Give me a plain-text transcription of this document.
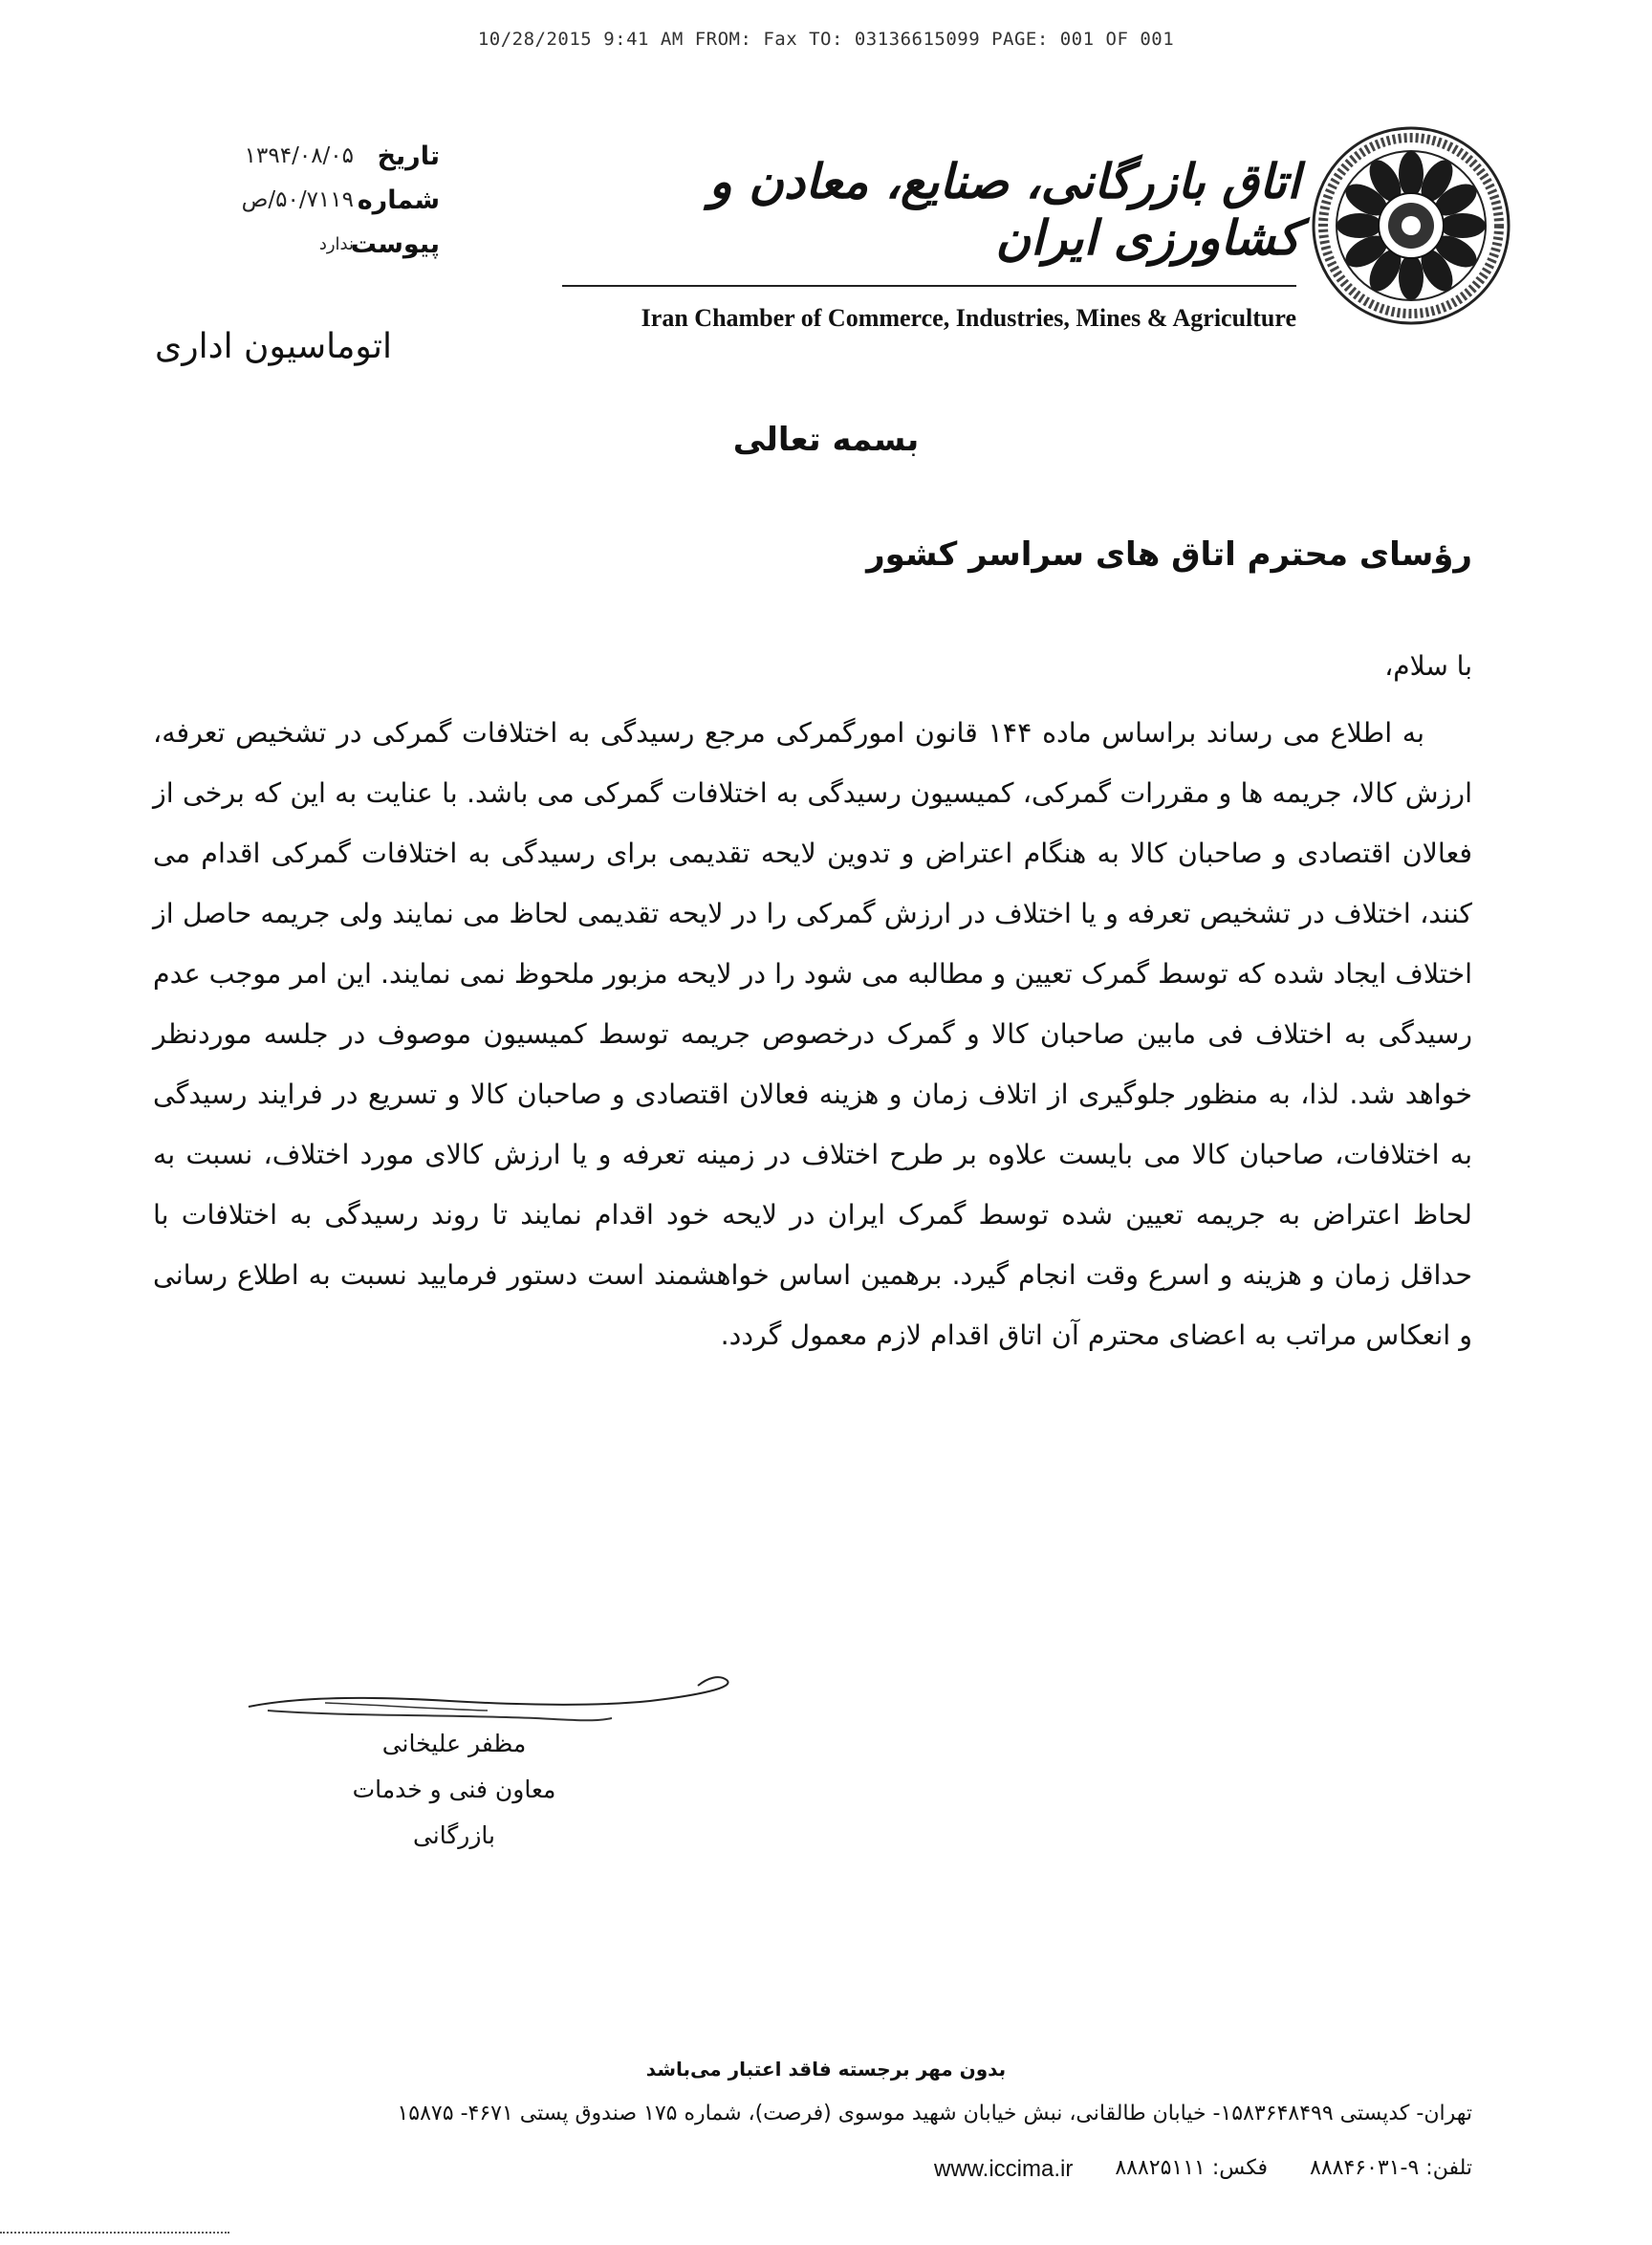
10/28/2015 9:41 AM FROM: Fax TO: 03136615099 PAGE: 001 OF 001
تاریخ
۱۳۹۴/۰۸/۰۵
شماره
۵۰/۷۱۱۹/ص
پیوست
ندارد
اتوماسیون اداری
اتاق بازرگانی، صنایع، معادن و کشاورزی ایران
Iran Chamber of Commerce, Industries, Mines & Agriculture
بسمه تعالی
رؤسای محترم اتاق های سراسر کشور
با سلام،

به اطلاع می رساند براساس ماده ۱۴۴ قانون امورگمرکی مرجع رسیدگی به اختلافات گمرکی در تشخیص تعرفه، ارزش کالا، جریمه ها و مقررات گمرکی، کمیسیون رسیدگی به اختلافات گمرکی می باشد. با عنایت به این که برخی از فعالان اقتصادی و صاحبان کالا به هنگام اعتراض و تدوین لایحه تقدیمی برای رسیدگی به اختلافات گمرکی اقدام می کنند، اختلاف در تشخیص تعرفه و یا اختلاف در ارزش گمرکی را در لایحه تقدیمی لحاظ می نمایند ولی جریمه حاصل از اختلاف ایجاد شده که توسط گمرک تعیین و مطالبه می شود را در لایحه مزبور ملحوظ نمی نمایند. این امر موجب عدم رسیدگی به اختلاف فی مابین صاحبان کالا و گمرک درخصوص جریمه توسط کمیسیون موصوف در جلسه موردنظر خواهد شد. لذا، به منظور جلوگیری از اتلاف زمان و هزینه فعالان اقتصادی و صاحبان کالا و تسریع در فرایند رسیدگی به اختلافات، صاحبان کالا می بایست علاوه بر طرح اختلاف در زمینه تعرفه و یا ارزش کالای مورد اختلاف، نسبت به لحاظ اعتراض به جریمه تعیین شده توسط گمرک ایران در لایحه خود اقدام نمایند تا روند رسیدگی به اختلافات با حداقل زمان و هزینه و اسرع وقت انجام گیرد. برهمین اساس خواهشمند است دستور فرمایید نسبت به اطلاع رسانی و انعکاس مراتب به اعضای محترم آن اتاق اقدام لازم معمول گردد.

مظفر علیخانی
معاون فنی و خدمات بازرگانی
بدون مهر برجسته فاقد اعتبار می‌باشد
تهران- کدپستی ۱۵۸۳۶۴۸۴۹۹- خیابان طالقانی، نبش خیابان شهید موسوی (فرصت)، شماره ۱۷۵ صندوق پستی ۴۶۷۱- ۱۵۸۷۵
تلفن: ۹-۸۸۸۴۶۰۳۱
فکس: ۸۸۸۲۵۱۱۱
www.iccima.ir
